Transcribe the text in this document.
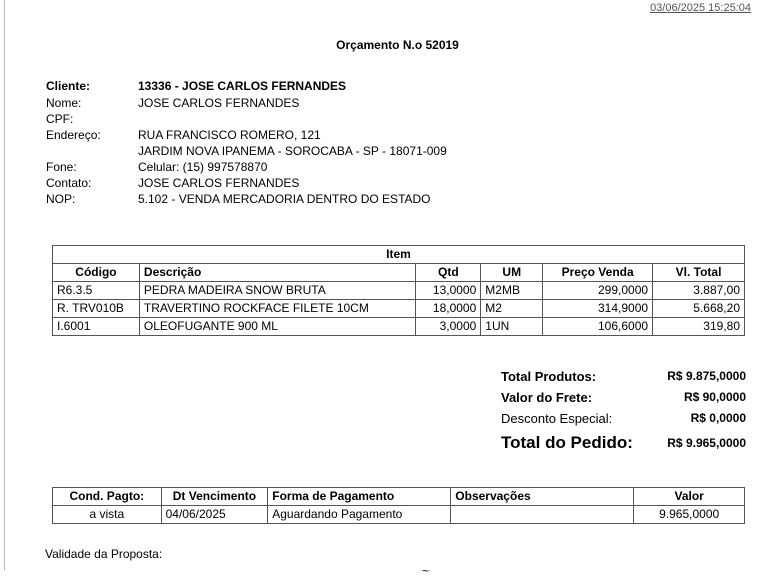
03/06/2025 15:25:04
Orçamento N.o 52019
Cliente:	13336 - JOSE CARLOS FERNANDES
Nome:	JOSE CARLOS FERNANDES
CPF:
Endereço:	RUA FRANCISCO ROMERO, 121
JARDIM NOVA IPANEMA - SOROCABA - SP - 18071-009
Fone:	Celular: (15) 997578870
Contato:	JOSE CARLOS FERNANDES
NOP:	5.102 - VENDA MERCADORIA DENTRO DO ESTADO
Item					
Código	Descrição	Qtd	UM	Preço Venda	Vl. Total
R6.3.5	PEDRA MADEIRA SNOW BRUTA	13,0000	M2MB	299,0000	3.887,00
R. TRV010B	TRAVERTINO ROCKFACE FILETE 10CM	18,0000	M2	314,9000	5.668,20
I.6001	OLEOFUGANTE 900 ML	3,0000	1UN	106,6000	319,80
Total Produtos:	R$ 9.875,0000
Valor do Frete:	R$ 90,0000
Desconto Especial:	R$ 0,0000
Total do Pedido:	R$ 9.965,0000
Cond. Pagto:	Dt Vencimento	Forma de Pagamento	Observações	Valor
a vista	04/06/2025	Aguardando Pagamento		9.965,0000
Validade da Proposta:
~
